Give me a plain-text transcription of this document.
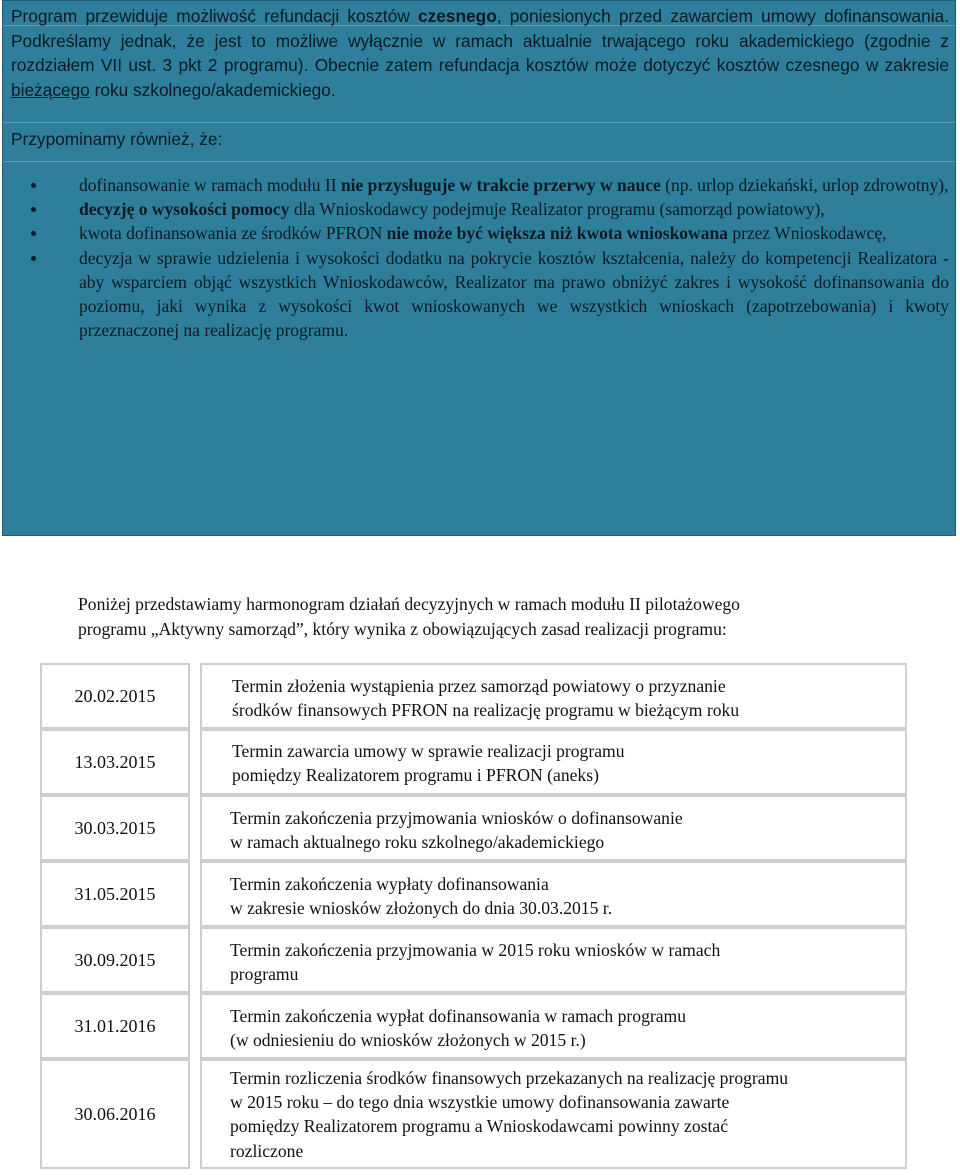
Program przewiduje możliwość refundacji kosztów czesnego, poniesionych przed zawarciem umowy dofinansowania. Podkreślamy jednak, że jest to możliwe wyłącznie w ramach aktualnie trwającego roku akademickiego (zgodnie z rozdziałem VII ust. 3 pkt 2 programu). Obecnie zatem refundacja kosztów może dotyczyć kosztów czesnego w zakresie bieżącego roku szkolnego/akademickiego.
Przypominamy również, że:
dofinansowanie w ramach modułu II nie przysługuje w trakcie przerwy w nauce (np. urlop dziekański, urlop zdrowotny),
decyzję o wysokości pomocy dla Wnioskodawcy podejmuje Realizator programu (samorząd powiatowy),
kwota dofinansowania ze środków PFRON nie może być większa niż kwota wnioskowana przez Wnioskodawcę,
decyzja w sprawie udzielenia i wysokości dodatku na pokrycie kosztów kształcenia, należy do kompetencji Realizatora - aby wsparciem objąć wszystkich Wnioskodawców, Realizator ma prawo obniżyć zakres i wysokość dofinansowania do poziomu, jaki wynika z wysokości kwot wnioskowanych we wszystkich wnioskach (zapotrzebowania) i kwoty przeznaczonej na realizację programu.
Poniżej przedstawiamy harmonogram działań decyzyjnych w ramach modułu II pilotażowego
programu „Aktywny samorząd”, który wynika z obowiązujących zasad realizacji programu:
20.02.2015	Termin złożenia wystąpienia przez samorząd powiatowy o przyznanie
środków finansowych PFRON na realizację programu w bieżącym roku
13.03.2015
Termin zawarcia umowy w sprawie realizacji programu
pomiędzy Realizatorem programu i PFRON (aneks)
30.03.2015	Termin zakończenia przyjmowania wniosków o dofinansowanie
w ramach aktualnego roku szkolnego/akademickiego
31.05.2015	Termin zakończenia wypłaty dofinansowania
w zakresie wniosków złożonych do dnia 30.03.2015 r.
30.09.2015	Termin zakończenia przyjmowania w 2015 roku wniosków w ramach
programu
31.01.2016	Termin zakończenia wypłat dofinansowania w ramach programu
(w odniesieniu do wniosków złożonych w 2015 r.)
30.06.2016
Termin rozliczenia środków finansowych przekazanych na realizację programu
w 2015 roku – do tego dnia wszystkie umowy dofinansowania zawarte
pomiędzy Realizatorem programu a Wnioskodawcami powinny zostać
rozliczone
